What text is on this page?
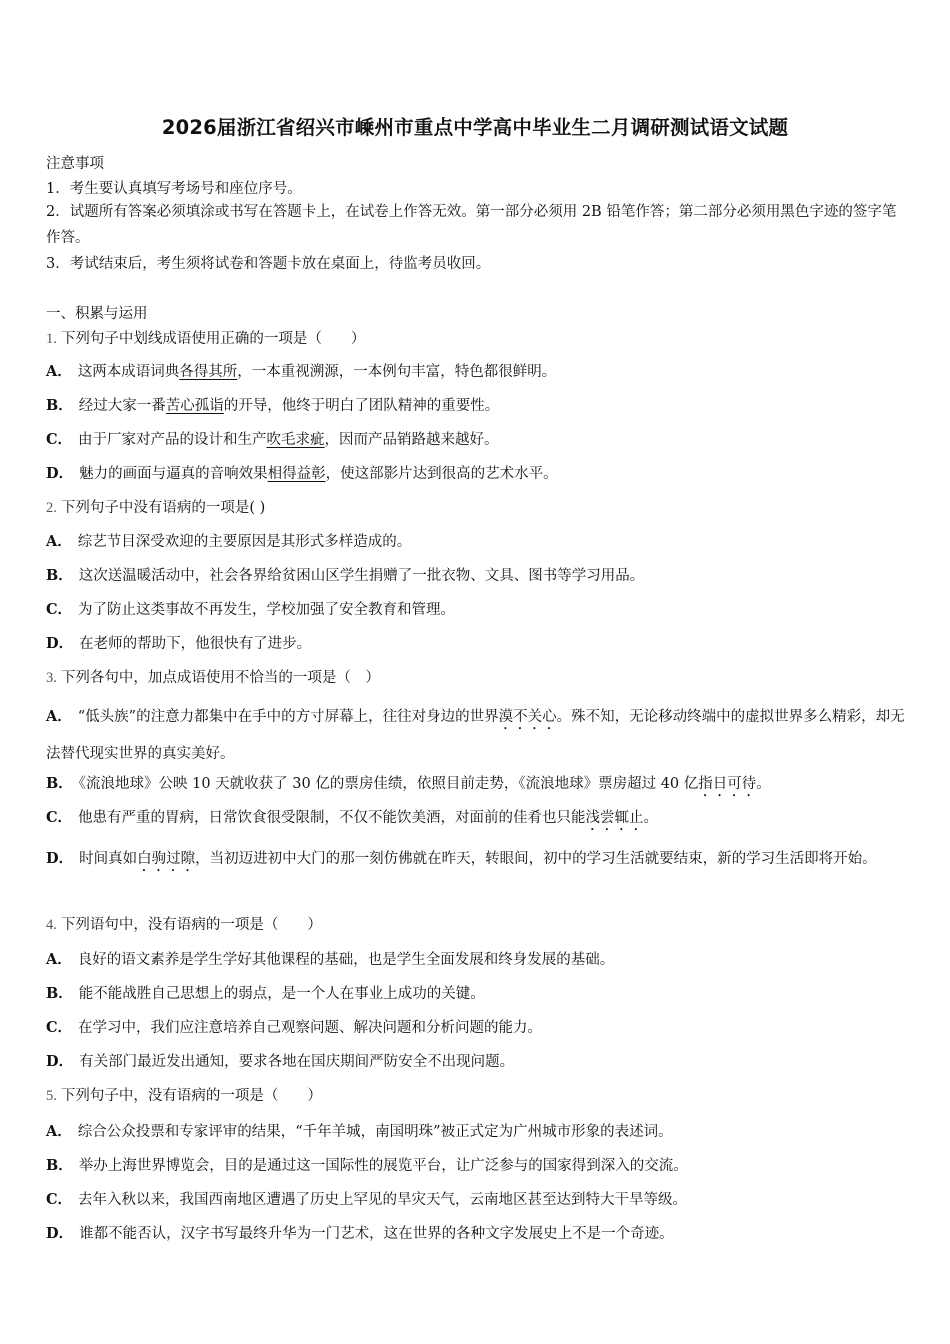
2026届浙江省绍兴市嵊州市重点中学高中毕业生二月调研测试语文试题
注意事项
1．考生要认真填写考场号和座位序号。
2．试题所有答案必须填涂或书写在答题卡上，在试卷上作答无效。第一部分必须用 2B 铅笔作答；第二部分必须用黑色字迹的签字笔作答。
3．考试结束后，考生须将试卷和答题卡放在桌面上，待监考员收回。
一、积累与运用
1. 下列句子中划线成语使用正确的一项是（　　）
A． 这两本成语词典各得其所，一本重视溯源，一本例句丰富，特色都很鲜明。
B． 经过大家一番苦心孤诣的开导，他终于明白了团队精神的重要性。
C． 由于厂家对产品的设计和生产吹毛求疵，因而产品销路越来越好。
D． 魅力的画面与逼真的音响效果相得益彰，使这部影片达到很高的艺术水平。
2. 下列句子中没有语病的一项是( )
A． 综艺节目深受欢迎的主要原因是其形式多样造成的。
B． 这次送温暖活动中，社会各界给贫困山区学生捐赠了一批衣物、文具、图书等学习用品。
C． 为了防止这类事故不再发生，学校加强了安全教育和管理。
D． 在老师的帮助下，他很快有了进步。
3. 下列各句中，加点成语使用不恰当的一项是（　）
A． “低头族”的注意力都集中在手中的方寸屏幕上，往往对身边的世界漠不关心。殊不知，无论移动终端中的虚拟世界多么精彩，却无法替代现实世界的真实美好。
B． 《流浪地球》公映 10 天就收获了 30 亿的票房佳绩，依照目前走势，《流浪地球》票房超过 40 亿指日可待。
C． 他患有严重的胃病，日常饮食很受限制，不仅不能饮美酒，对面前的佳肴也只能浅尝辄止。
D． 时间真如白驹过隙，当初迈进初中大门的那一刻仿佛就在昨天，转眼间，初中的学习生活就要结束，新的学习生活即将开始。
4. 下列语句中，没有语病的一项是（　　）
A． 良好的语文素养是学生学好其他课程的基础，也是学生全面发展和终身发展的基础。
B． 能不能战胜自己思想上的弱点，是一个人在事业上成功的关键。
C． 在学习中，我们应注意培养自己观察问题、解决问题和分析问题的能力。
D． 有关部门最近发出通知，要求各地在国庆期间严防安全不出现问题。
5. 下列句子中，没有语病的一项是（　　）
A． 综合公众投票和专家评审的结果，“千年羊城，南国明珠”被正式定为广州城市形象的表述词。
B． 举办上海世界博览会，目的是通过这一国际性的展览平台，让广泛参与的国家得到深入的交流。
C． 去年入秋以来，我国西南地区遭遇了历史上罕见的旱灾天气，云南地区甚至达到特大干旱等级。
D． 谁都不能否认，汉字书写最终升华为一门艺术，这在世界的各种文字发展史上不是一个奇迹。
